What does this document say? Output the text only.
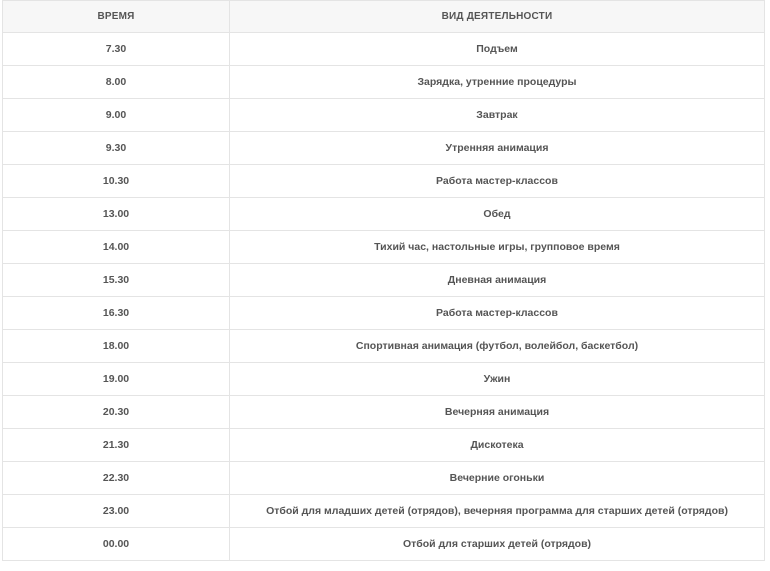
ВРЕМЯ	ВИД ДЕЯТЕЛЬНОСТИ
7.30	Подъем
8.00	Зарядка, утренние процедуры
9.00	Завтрак
9.30	Утренняя анимация
10.30	Работа мастер-классов
13.00	Обед
14.00	Тихий час, настольные игры, групповое время
15.30	Дневная анимация
16.30	Работа мастер-классов
18.00	Спортивная анимация (футбол, волейбол, баскетбол)
19.00	Ужин
20.30	Вечерняя анимация
21.30	Дискотека
22.30	Вечерние огоньки
23.00	Отбой для младших детей (отрядов), вечерняя программа для старших детей (отрядов)
00.00	Отбой для старших детей (отрядов)
